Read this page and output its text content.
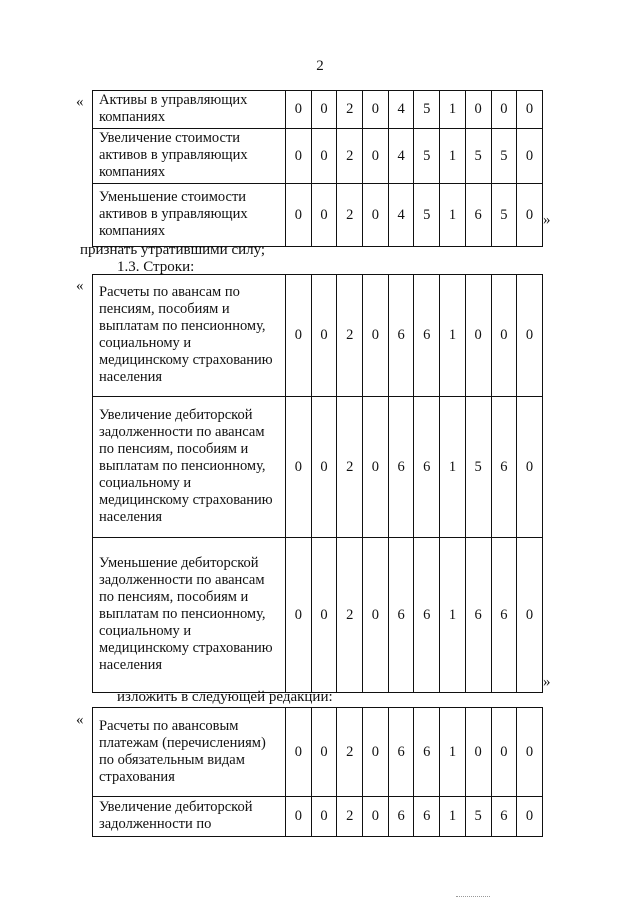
2
« Активы в управляющих компаниях	0	0	2	0	4	5	1	0	0	0
Увеличение стоимости активов в управляющих компаниях	0	0	2	0	4	5	1	5	5	0
Уменьшение стоимости активов в управляющих компаниях	0	0	2	0	4	5	1	6	5	0 »
признать утратившими силу;
1.3. Строки:
« Расчеты по авансам по пенсиям, пособиям и выплатам по пенсионному, социальному и медицинскому страхованию населения	0	0	2	0	6	6	1	0	0	0
Увеличение дебиторской задолженности по авансам по пенсиям, пособиям и выплатам по пенсионному, социальному и медицинскому страхованию населения	0	0	2	0	6	6	1	5	6	0
Уменьшение дебиторской задолженности по авансам по пенсиям, пособиям и выплатам по пенсионному, социальному и медицинскому страхованию населения	0	0	2	0	6	6	1	6	6	0
»
изложить в следующей редакции:
« Расчеты по авансовым платежам (перечислениям) по обязательным видам страхования	0	0	2	0	6	6	1	0	0	0
Увеличение дебиторской задолженности по	0	0	2	0	6	6	1	5	6	0
